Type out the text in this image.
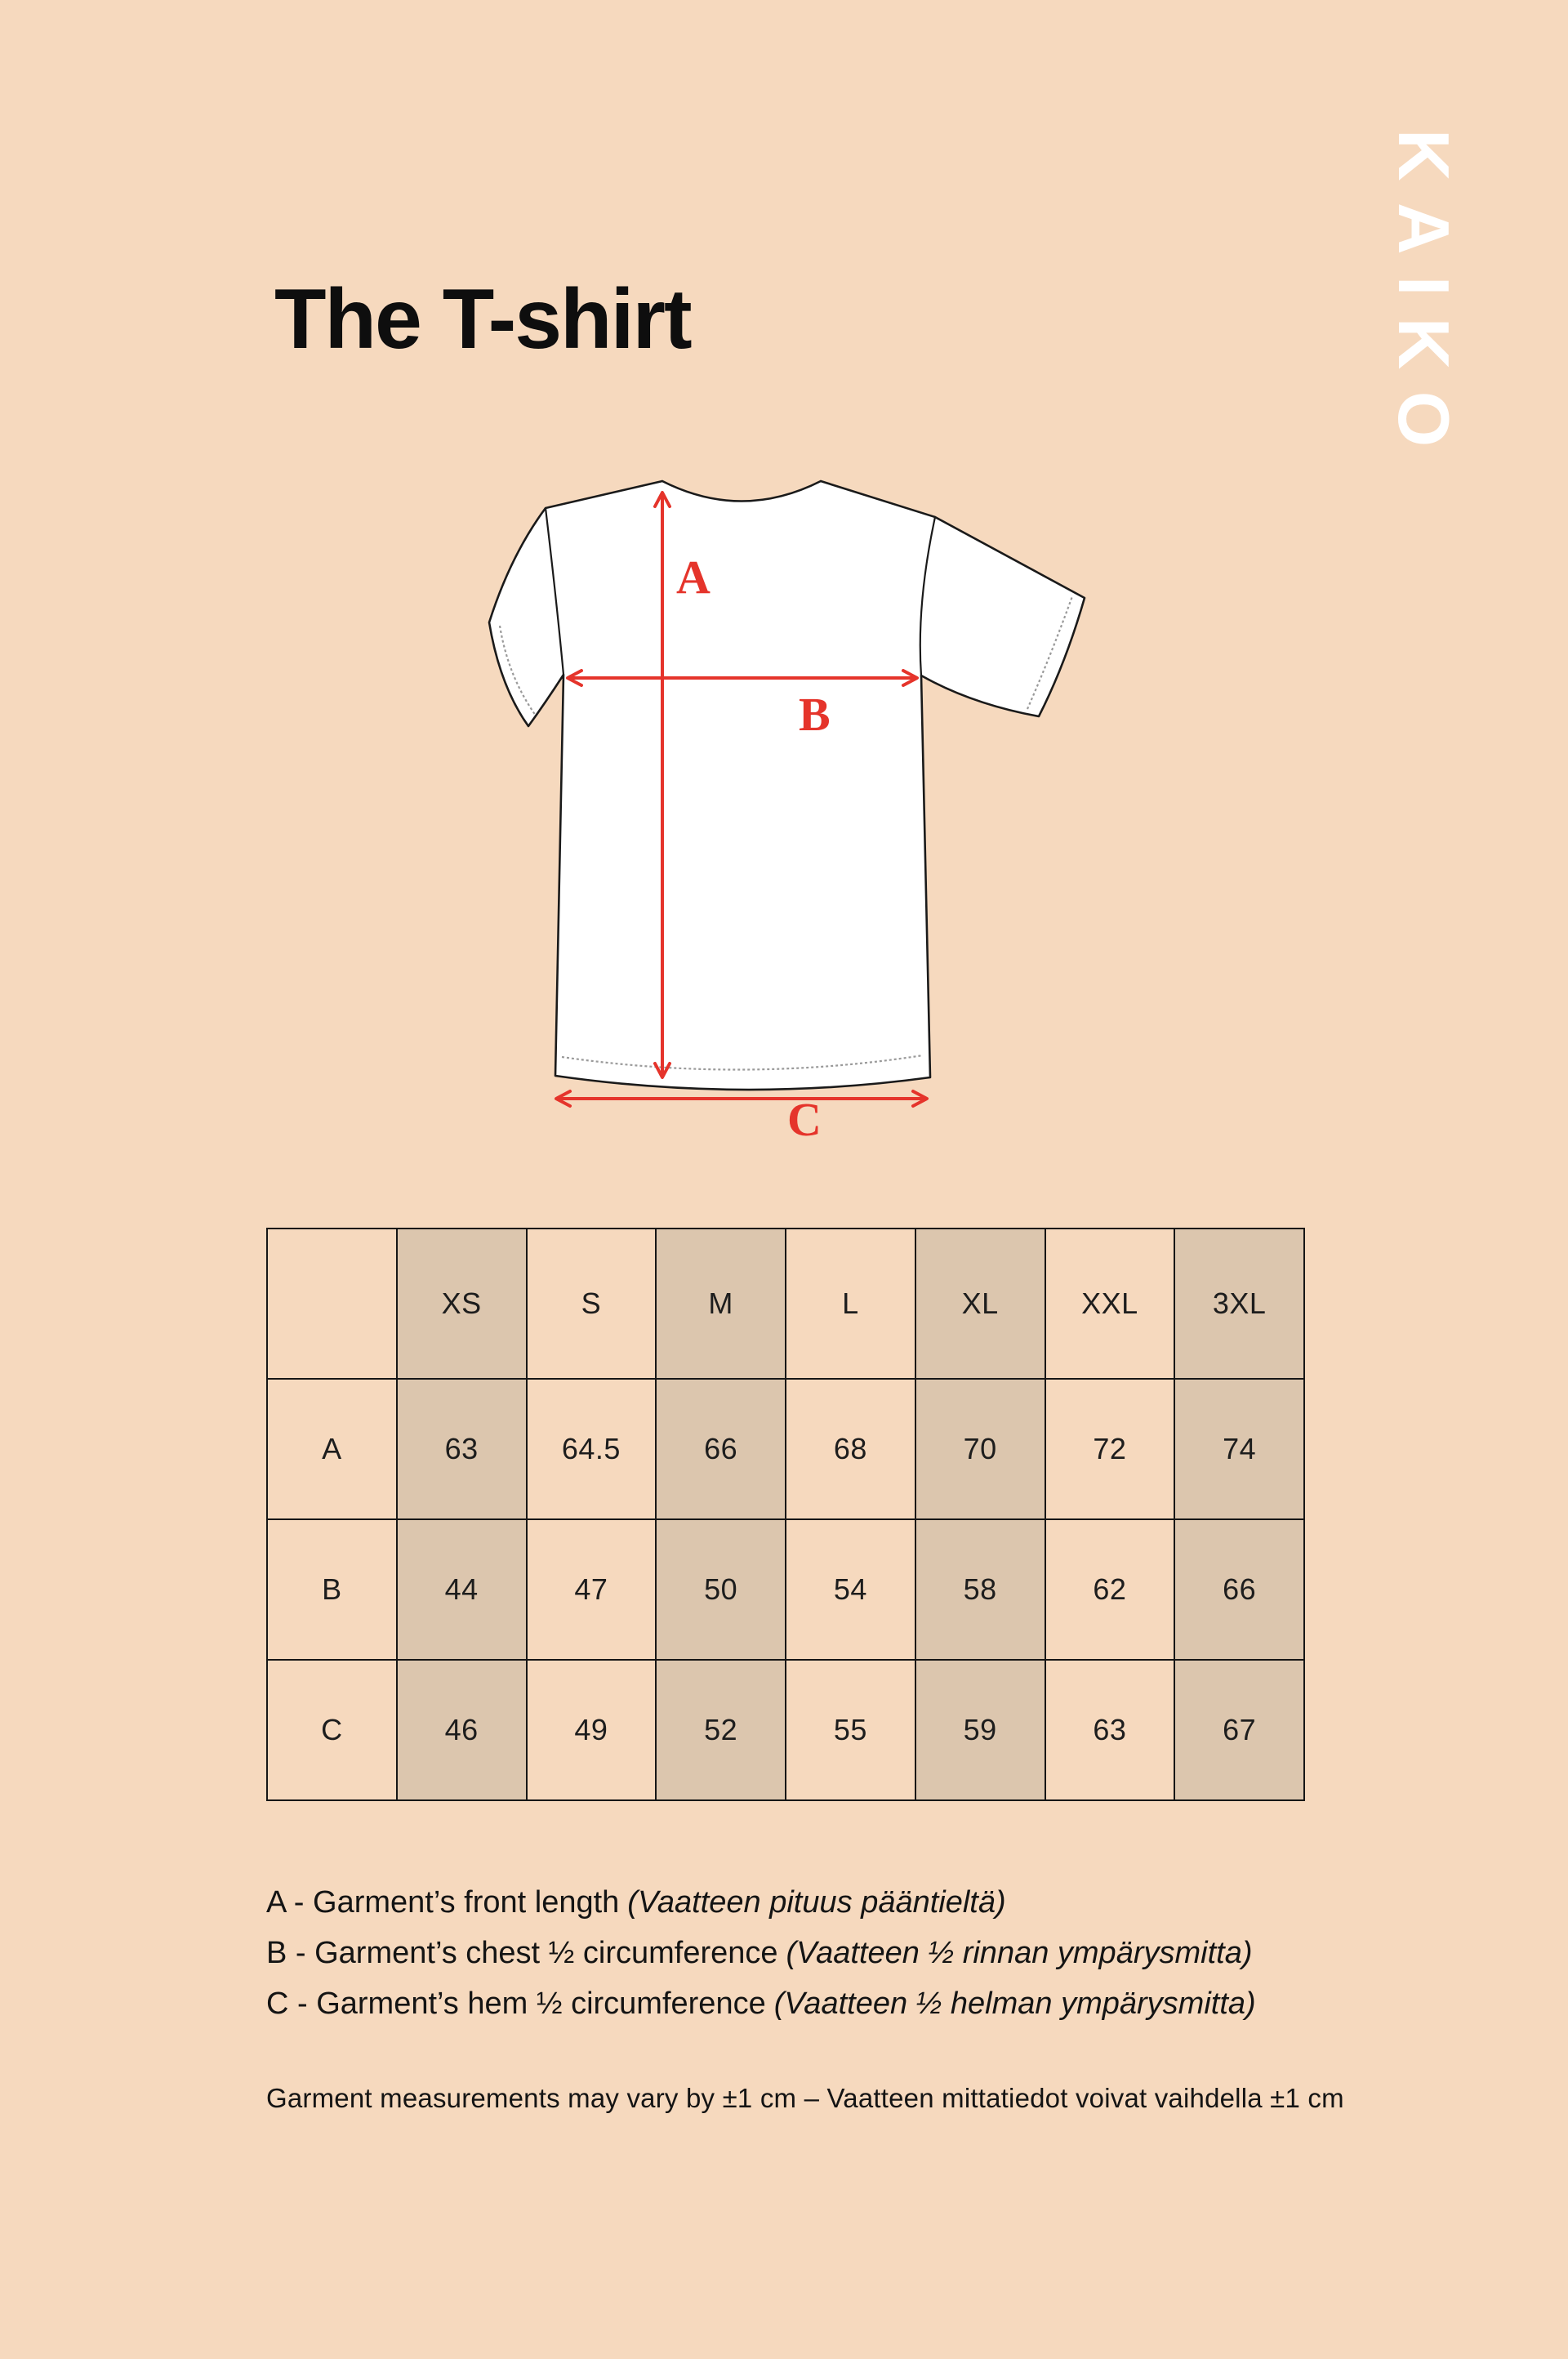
The T-shirt	KAIKO
A
B
C
	XS	S	M	L	XL	XXL	3XL
A	63	64.5	66	68	70	72	74
B	44	47	50	54	58	62	66
C	46	49	52	55	59	63	67
A - Garment’s front length (Vaatteen pituus pääntieltä)
B - Garment’s chest ½ circumference (Vaatteen ½ rinnan ympärysmitta)
C - Garment’s hem ½ circumference (Vaatteen ½ helman ympärysmitta)
Garment measurements may vary by ±1 cm – Vaatteen mittatiedot voivat vaihdella ±1 cm
